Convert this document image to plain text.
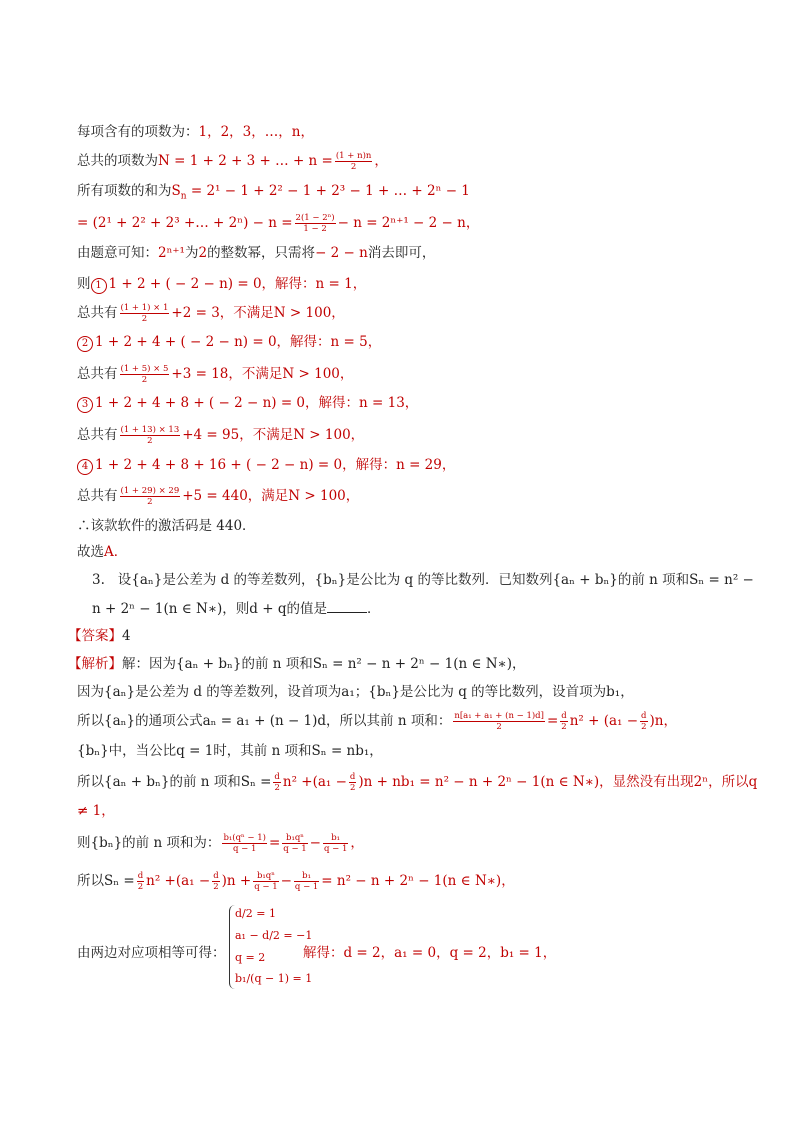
每项含有的项数为：1，2，3，…，n，
总共的项数为N = 1 + 2 + 3 + … + $n = \frac{(1 + n)n}{2}$ ，
所有项数的和为$S_n = 2^1 - 1 + 2^2 - 1 + 2^3 - 1$ + … + 2ⁿ − 1
= (2¹ + 2² + 2³ +… + $2^n) - n = \frac{\text{2(1 − 2ⁿ)}}{1 - 2} - n = 2^{n+1} - 2 - n$，
由题意可知：2ⁿ⁺¹为2的整数幂，只需将− 2 − n消去即可，
则 1 1 + 2 + ( − 2 − n) = 0，解得：n = 1，
总共有 $\frac{(1 + 1) \times 1}{2} +2 = 3$，不满足N > 100，
2 1 + 2 + 4 + ( − 2 − n) = 0，解得：n = 5，
总共有 $\frac{(1 + 5) \times 5}{2} +3 = 18$，不满足N > 100，
3 1 + 2 + 4 + 8 + ( − 2 − n) = 0，解得：n = 13，
总共有 $\frac{(1 + 13) \times 13}{2} +4 = 95$，不满足N > 100，
4 1 + 2 + 4 + 8 + 16 + ( − 2 − n) = 0，解得：n = 29，
总共有 $\frac{(1 + 29) \times 29}{2} +5 = 440$，满足N > 100，
∴该款软件的激活码是 440．
故选A．
3. 设{aₙ}是公差为 d 的等差数列，{bₙ}是公比为 q 的等比数列．已知数列{aₙ + bₙ}的前 n 项和Sₙ = n² −
n + 2ⁿ − 1(n ∈ N∗)，则d + q的值是	．
【答案】4
【解析】解：因为{aₙ + bₙ}的前 n 项和Sₙ = n² − n + 2ⁿ − 1(n ∈ N∗)，
因为{aₙ}是公差为 d 的等差数列，设首项为a₁；{bₙ}是公比为 q 的等比数列，设首项为b₁，
所以{aₙ}的通项公式aₙ = a₁ + (n − 1)d，所以其前 n 项和： $\frac{\text{n[a₁ + a₁ + (n − 1)d]}}{2} = \frac{d}{2} n^2 + (a_1 - \frac{d}{2} )n$，
{bₙ}中，当公比q = 1时，其前 n 项和Sₙ = nb₁，
所以{aₙ + bₙ}的前 n 项和$S_n = \frac{d}{2} n^2 +(a_1 - \frac{d}{2} )n + nb_1 = n^2 - n + 2^n - 1(n$ ∈ N∗)，显然没有出现2ⁿ，所以q
≠ 1，
则{bₙ}的前 n 项和为： $\frac{\text{b₁(qⁿ − 1)}}{q - 1} = \frac{\text{b₁qⁿ}}{q - 1} - \frac{\text{b₁}}{q - 1}$ ，
所以$S_n = \frac{d}{2} n^2 +(a_1 - \frac{d}{2} )n + \frac{\text{b₁qⁿ}}{q - 1} - \frac{\text{b₁}}{q - 1} = n^2 - n + 2^n - 1(n$ ∈ N∗)，
由两边对应项相等可得：
d/2 = 1
a₁ − d/2 = −1
q = 2
b₁/(q − 1) = 1
解得：d = 2，a₁ = 0，q = 2，b₁ = 1，
